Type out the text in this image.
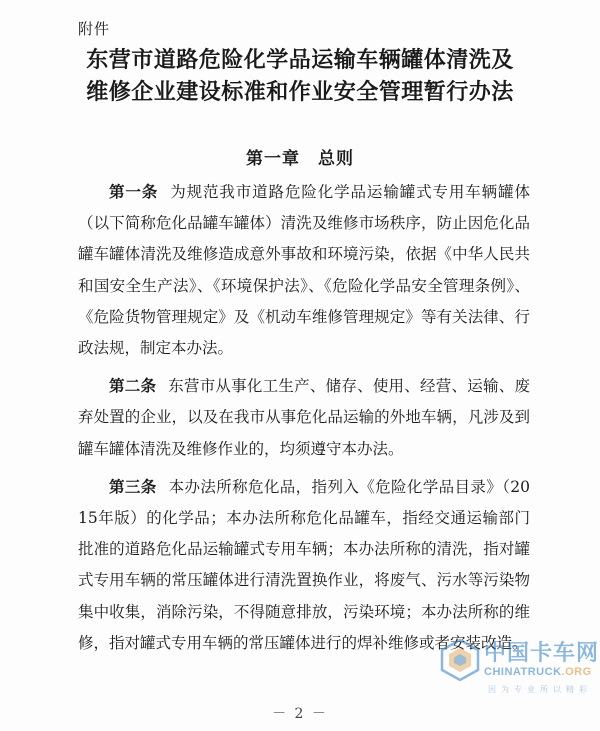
附件
东营市道路危险化学品运输车辆罐体清洗及
维修企业建设标准和作业安全管理暂行办法
第一章 总则

第一条 为规范我市道路危险化学品运输罐式专用车辆罐体（以下简称危化品罐车罐体）清洗及维修市场秩序，防止因危化品罐车罐体清洗及维修造成意外事故和环境污染，依据《中华人民共和国安全生产法》、《环境保护法》、《危险化学品安全管理条例》、《危险货物管理规定》及《机动车维修管理规定》等有关法律、行政法规，制定本办法。

第二条 东营市从事化工生产、储存、使用、经营、运输、废弃处置的企业，以及在我市从事危化品运输的外地车辆，凡涉及到罐车罐体清洗及维修作业的，均须遵守本办法。

第三条 本办法所称危化品，指列入《危险化学品目录》（2015年版）的化学品；本办法所称危化品罐车，指经交通运输部门批准的道路危化品运输罐式专用车辆；本办法所称的清洗，指对罐式专用车辆的常压罐体进行清洗置换作业，将废气、污水等污染物集中收集，消除污染，不得随意排放，污染环境；本办法所称的维修，指对罐式专用车辆的常压罐体进行的焊补维修或者安装改造。

－ 2 －
中国卡车网
CHINATRUCK.ORG
因为专业所以精彩
